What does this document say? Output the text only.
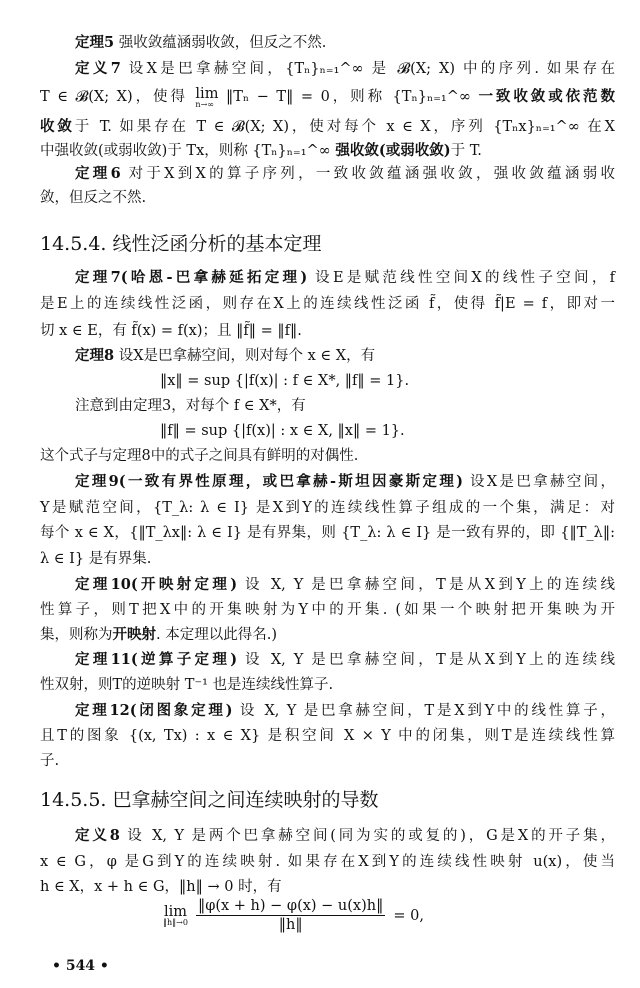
14.5.4. 线性泛函分析的基本定理
14.5.5. 巴拿赫空间之间连续映射的导数
lim
‖h‖→0 $\frac{‖\varphi(x + h) - \varphi(x) - u(x)h‖}{‖h‖} = 0$,
• 544 •
定理5 强收敛蕴涵弱收敛，但反之不然.
定义7 设X是巴拿赫空间，{Tₙ}ₙ₌₁^∞ 是 𝓑(X; X) 中的序列. 如果存在
T ∈ 𝓑(X; X)，使得 lim
n→∞ ‖Tₙ − T‖ = 0，则称 {Tₙ}ₙ₌₁^∞ 一致收敛或依范数
收敛于 T. 如果存在 T ∈ 𝓑(X; X)，使对每个 x ∈ X，序列 {Tₙx}ₙ₌₁^∞ 在X
中强收敛(或弱收敛)于 Tx，则称 {Tₙ}ₙ₌₁^∞ 强收敛(或弱收敛)于 T.
定理6 对于X到X的算子序列，一致收敛蕴涵强收敛，强收敛蕴涵弱收
敛，但反之不然.
定理7(哈恩-巴拿赫延拓定理) 设E是赋范线性空间X的线性子空间，f
是E上的连续线性泛函，则存在X上的连续线性泛函 f̃，使得 f̃|E = f，即对一
切 x ∈ E，有 f̃(x) = f(x)；且 ‖f̃‖ = ‖f‖.
定理8 设X是巴拿赫空间，则对每个 x ∈ X，有
‖x‖ = sup {|f(x)| : f ∈ X*, ‖f‖ = 1}.
注意到由定理3，对每个 f ∈ X*，有
‖f‖ = sup {|f(x)| : x ∈ X, ‖x‖ = 1}.
这个式子与定理8中的式子之间具有鲜明的对偶性.
定理9(一致有界性原理，或巴拿赫-斯坦因豪斯定理) 设X是巴拿赫空间，
Y是赋范空间，{T_λ: λ ∈ I} 是X到Y的连续线性算子组成的一个集，满足：对
每个 x ∈ X，{‖T_λx‖: λ ∈ I} 是有界集，则 {T_λ: λ ∈ I} 是一致有界的，即 {‖T_λ‖:
λ ∈ I} 是有界集.
定理10(开映射定理) 设 X, Y 是巴拿赫空间，T是从X到Y上的连续线
性算子，则T把X中的开集映射为Y中的开集. (如果一个映射把开集映为开
集，则称为开映射. 本定理以此得名.)
定理11(逆算子定理) 设 X, Y 是巴拿赫空间，T是从X到Y上的连续线
性双射，则T的逆映射 T⁻¹ 也是连续线性算子.
定理12(闭图象定理) 设 X, Y 是巴拿赫空间，T是X到Y中的线性算子，
且T的图象 {(x, Tx) : x ∈ X} 是积空间 X × Y 中的闭集，则T是连续线性算
子.
定义8 设 X, Y 是两个巴拿赫空间(同为实的或复的)，G是X的开子集，
x ∈ G，φ 是G到Y的连续映射. 如果存在X到Y的连续线性映射 u(x)，使当
h ∈ X，x + h ∈ G，‖h‖ → 0 时，有
